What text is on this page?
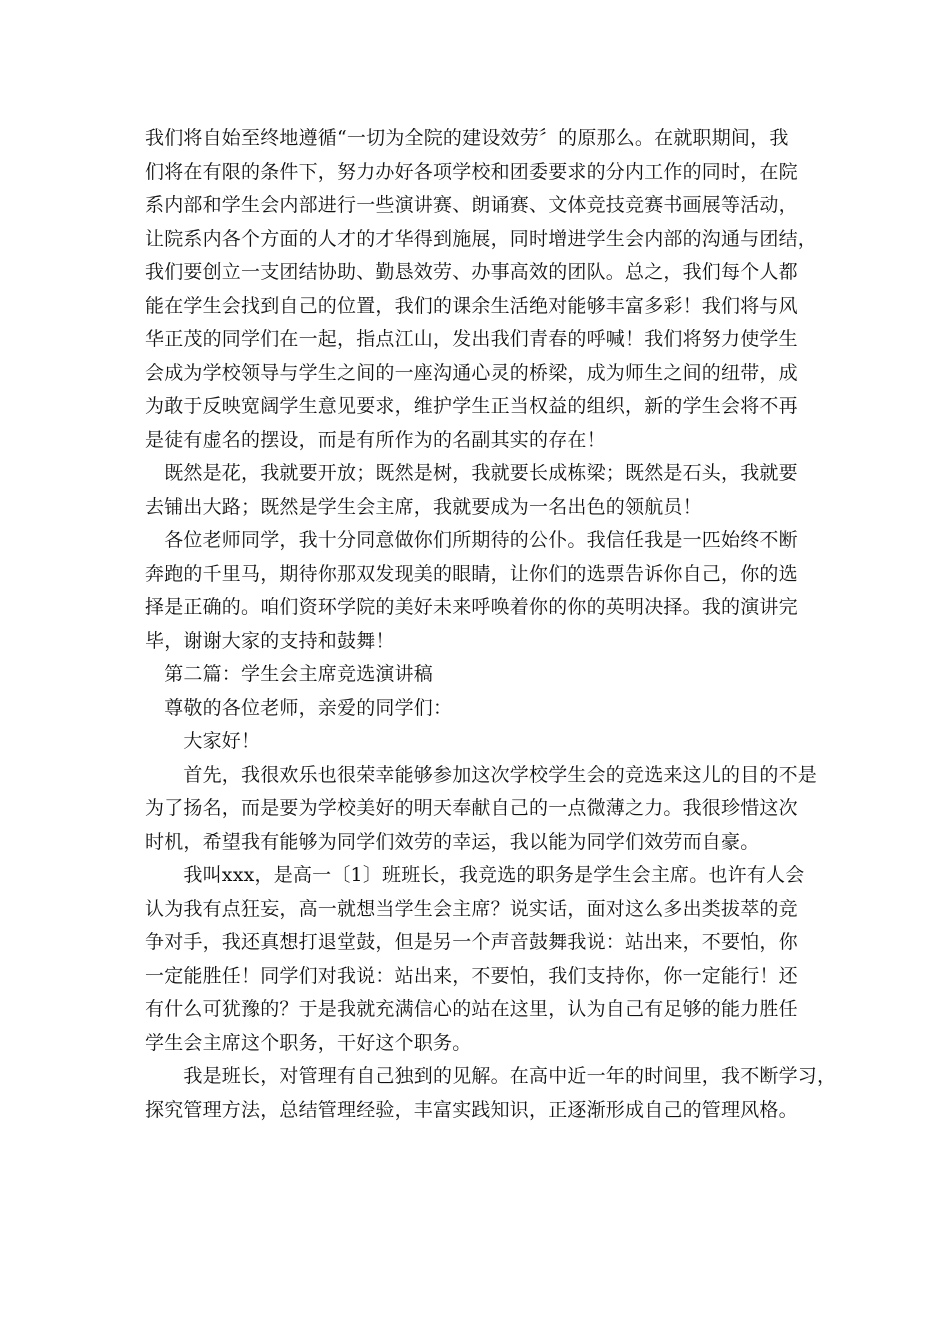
我们将自始至终地遵循“一切为全院的建设效劳〞的原那么。在就职期间，我
们将在有限的条件下，努力办好各项学校和团委要求的分内工作的同时，在院
系内部和学生会内部进行一些演讲赛、朗诵赛、文体竞技竞赛书画展等活动，
让院系内各个方面的人才的才华得到施展，同时增进学生会内部的沟通与团结，
我们要创立一支团结协助、勤恳效劳、办事高效的团队。总之，我们每个人都
能在学生会找到自己的位置，我们的课余生活绝对能够丰富多彩！我们将与风
华正茂的同学们在一起，指点江山，发出我们青春的呼喊！我们将努力使学生
会成为学校领导与学生之间的一座沟通心灵的桥梁，成为师生之间的纽带，成
为敢于反映宽阔学生意见要求，维护学生正当权益的组织，新的学生会将不再
是徒有虚名的摆设，而是有所作为的名副其实的存在！
　既然是花，我就要开放；既然是树，我就要长成栋梁；既然是石头，我就要
去铺出大路；既然是学生会主席，我就要成为一名出色的领航员！
　各位老师同学，我十分同意做你们所期待的公仆。我信任我是一匹始终不断
奔跑的千里马，期待你那双发现美的眼睛，让你们的选票告诉你自己，你的选
择是正确的。咱们资环学院的美好未来呼唤着你的你的英明决择。我的演讲完
毕，谢谢大家的支持和鼓舞！
　第二篇：学生会主席竞选演讲稿
　尊敬的各位老师，亲爱的同学们：
　　大家好！
　　首先，我很欢乐也很荣幸能够参加这次学校学生会的竞选来这儿的目的不是
为了扬名，而是要为学校美好的明天奉献自己的一点微薄之力。我很珍惜这次
时机，希望我有能够为同学们效劳的幸运，我以能为同学们效劳而自豪。
　　我叫xxx，是高一〔1〕班班长，我竞选的职务是学生会主席。也许有人会
认为我有点狂妄，高一就想当学生会主席？说实话，面对这么多出类拔萃的竞
争对手，我还真想打退堂鼓，但是另一个声音鼓舞我说：站出来，不要怕，你
一定能胜任！同学们对我说：站出来，不要怕，我们支持你，你一定能行！还
有什么可犹豫的？于是我就充满信心的站在这里，认为自己有足够的能力胜任
学生会主席这个职务，干好这个职务。
　　我是班长，对管理有自己独到的见解。在高中近一年的时间里，我不断学习，
探究管理方法，总结管理经验，丰富实践知识，正逐渐形成自己的管理风格。
